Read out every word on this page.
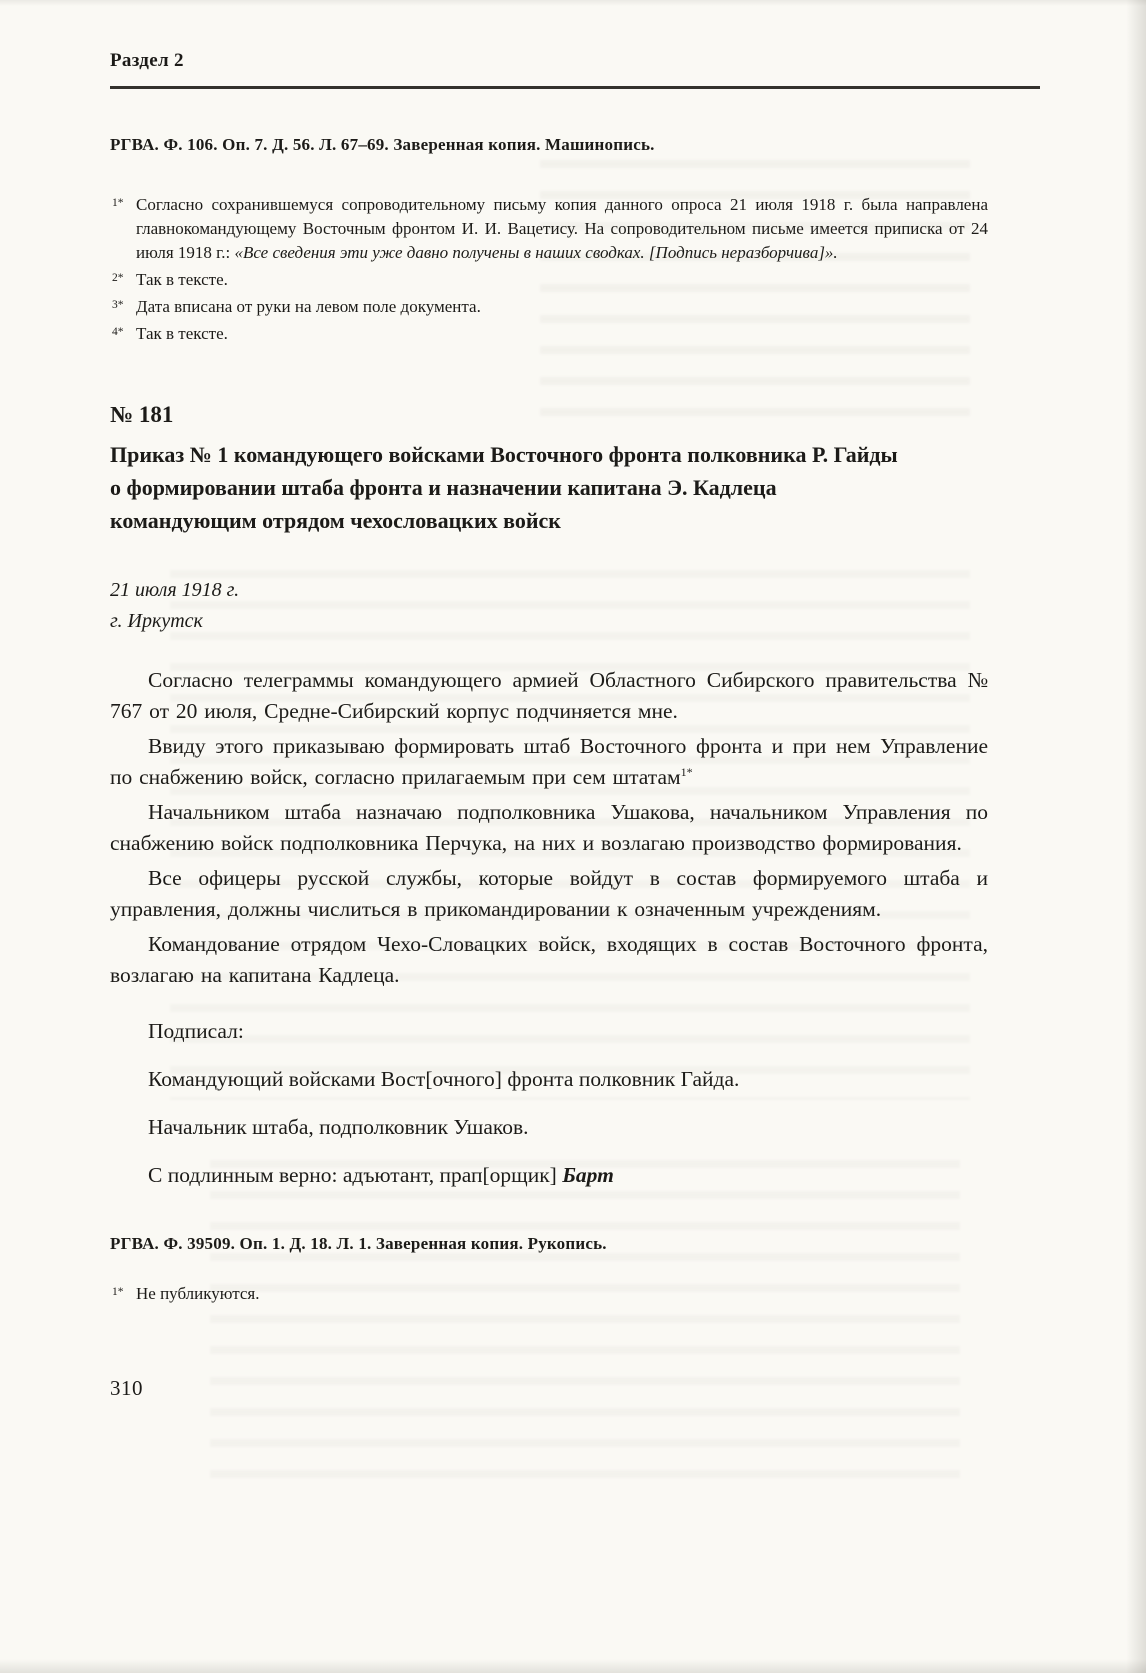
Раздел 2
РГВА. Ф. 106. Оп. 7. Д. 56. Л. 67–69. Заверенная копия. Машинопись.
1* Согласно сохранившемуся сопроводительному письму копия данного опроса 21 июля 1918 г. была направлена главнокомандующему Восточным фронтом И. И. Вацетису. На сопроводительном письме имеется приписка от 24 июля 1918 г.: «Все сведения эти уже давно получены в наших сводках. [Подпись неразборчива]».
2* Так в тексте.
3* Дата вписана от руки на левом поле документа.
4* Так в тексте.
№ 181
Приказ № 1 командующего войсками Восточного фронта полковника Р. Гайды о формировании штаба фронта и назначении капитана Э. Кадлеца командующим отрядом чехословацких войск
21 июля 1918 г.
г. Иркутск

Согласно телеграммы командующего армией Областного Сибирского правительства № 767 от 20 июля, Средне-Сибирский корпус подчиняется мне.

Ввиду этого приказываю формировать штаб Восточного фронта и при нем Управление по снабжению войск, согласно прилагаемым при сем штатам$^{1*}$

Начальником штаба назначаю подполковника Ушакова, начальником Управления по снабжению войск подполковника Перчука, на них и возлагаю производство формирования.

Все офицеры русской службы, которые войдут в состав формируемого штаба и управления, должны числиться в прикомандировании к означенным учреждениям.

Командование отрядом Чехо-Словацких войск, входящих в состав Восточного фронта, возлагаю на капитана Кадлеца.

Подписал:

Командующий войсками Вост[очного] фронта полковник Гайда.

Начальник штаба, подполковник Ушаков.

С подлинным верно: адъютант, прап[орщик] Барт

РГВА. Ф. 39509. Оп. 1. Д. 18. Л. 1. Заверенная копия. Рукопись.
1* Не публикуются.
310
